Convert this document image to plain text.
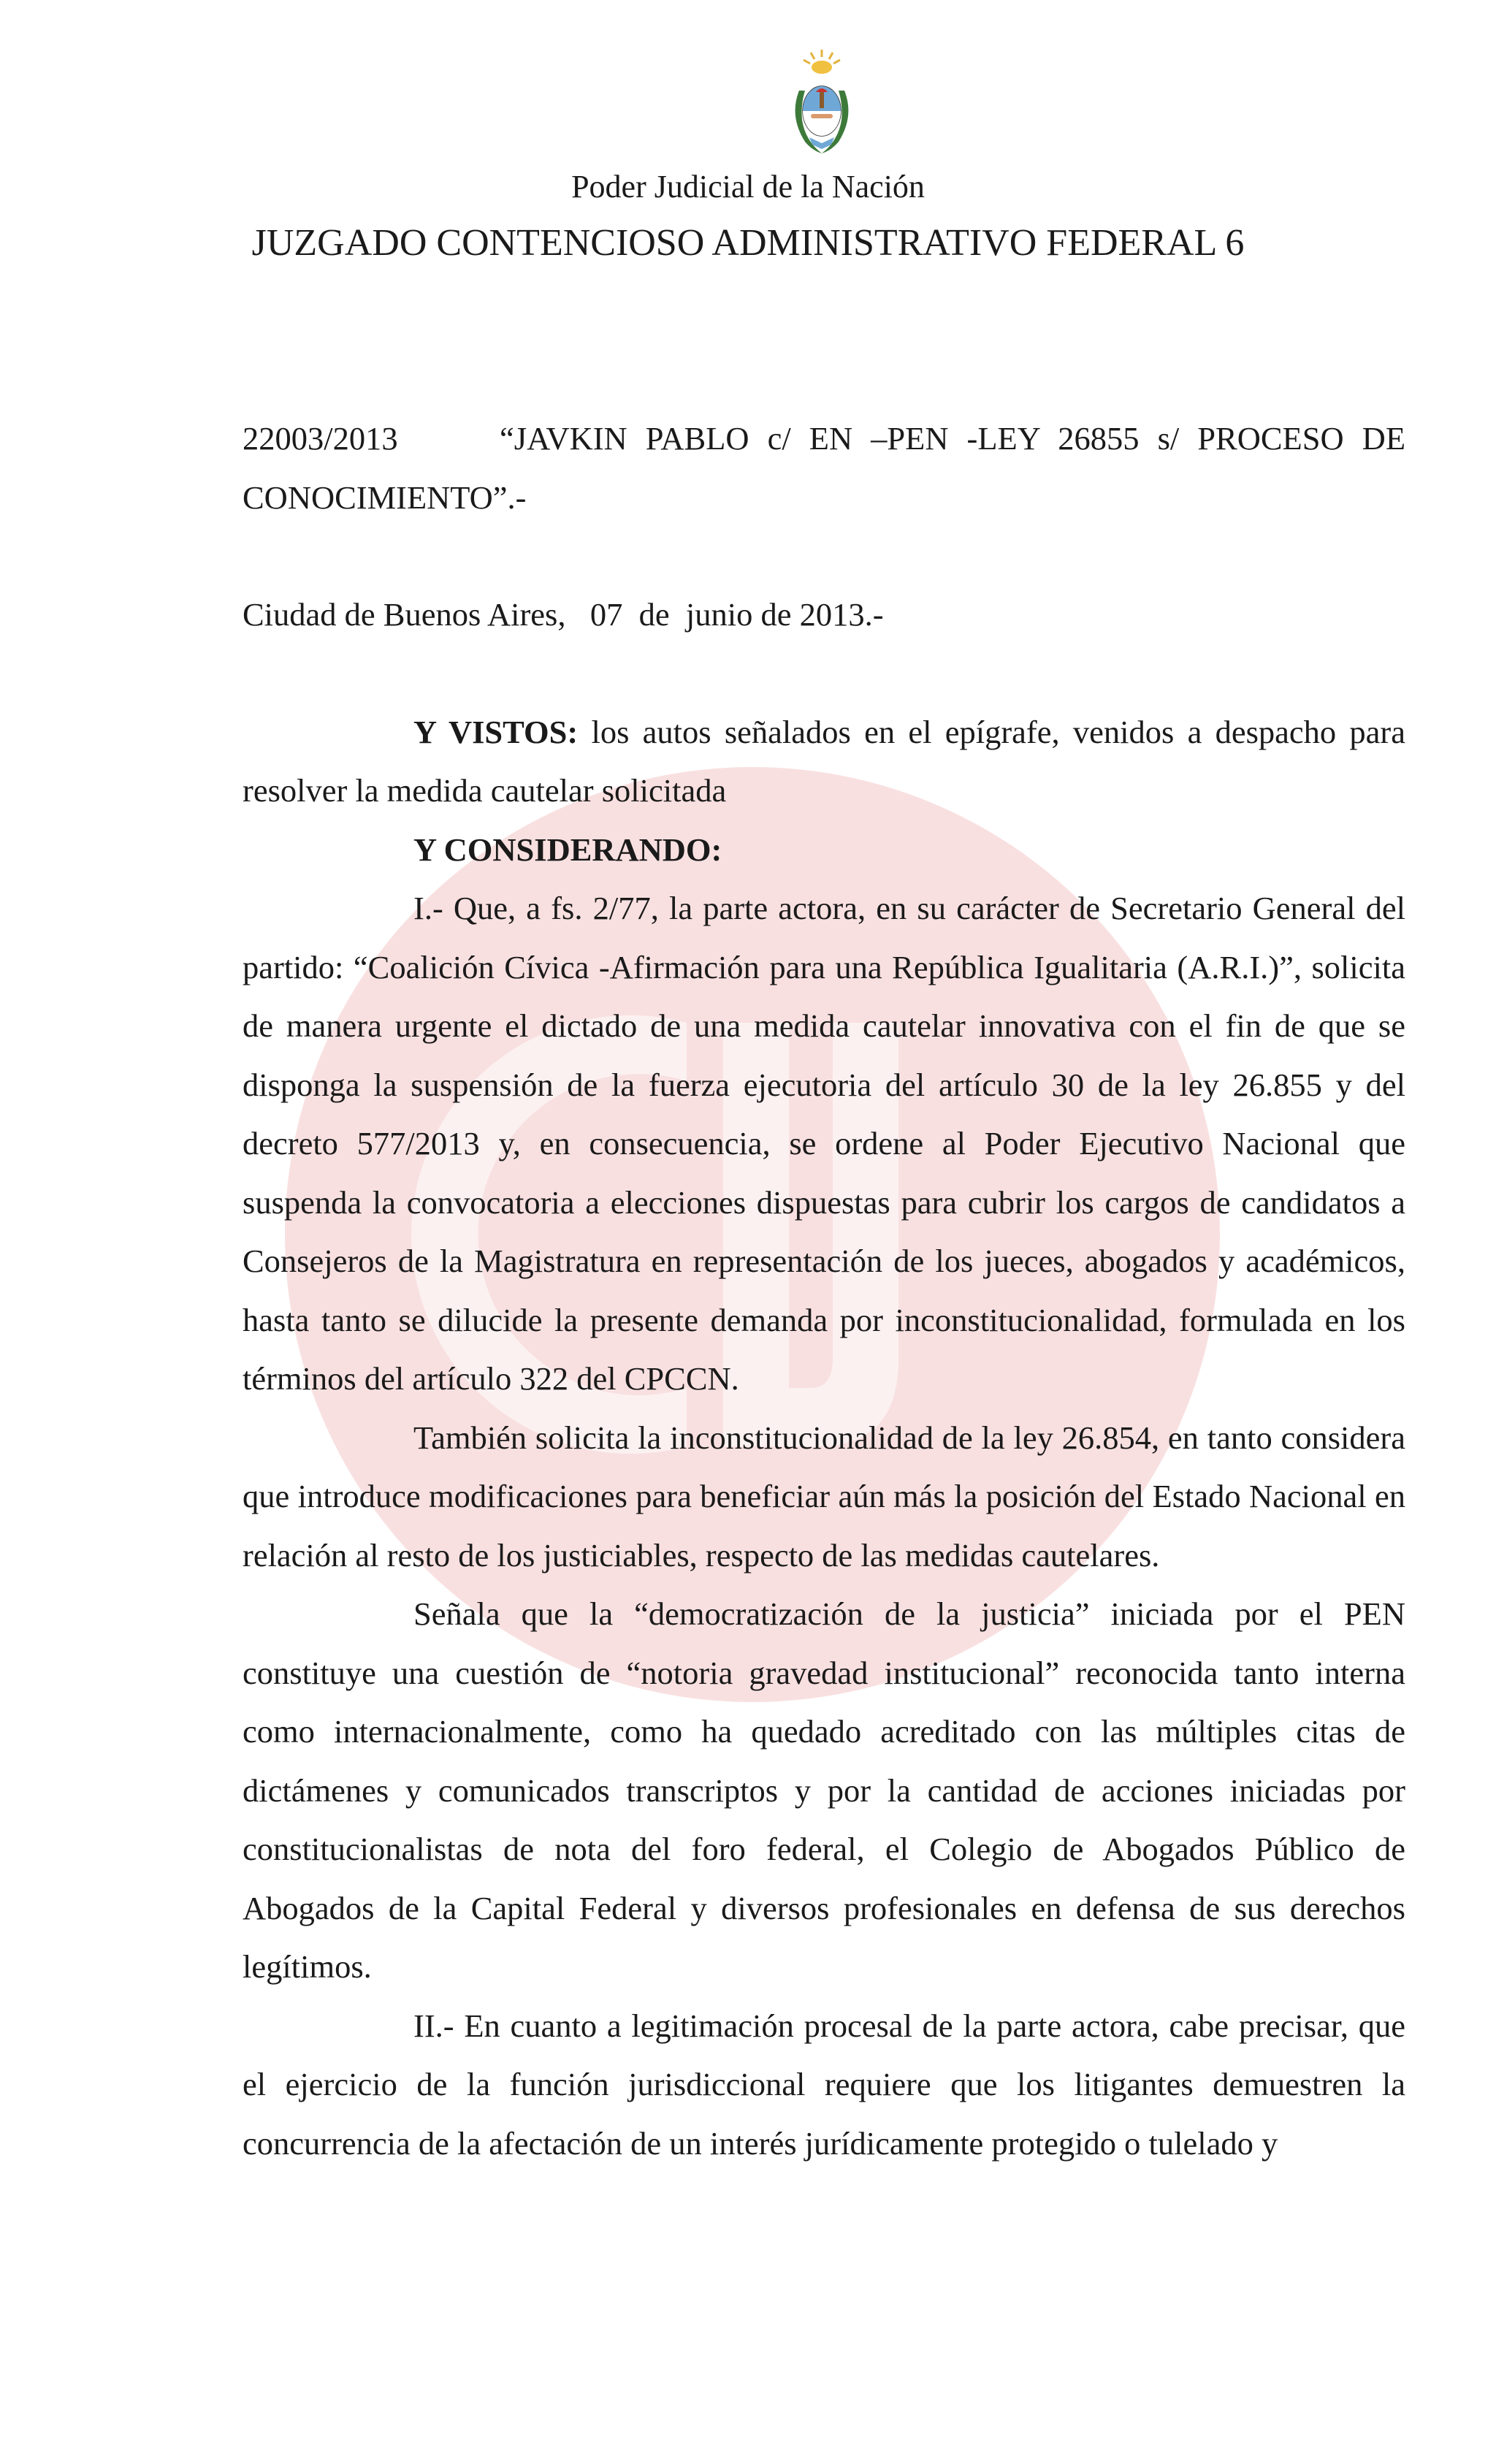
Poder Judicial de la Nación
JUZGADO CONTENCIOSO ADMINISTRATIVO FEDERAL 6
22003/2013	“JAVKIN PABLO c/ EN –PEN -LEY 26855 s/ PROCESO DE

CONOCIMIENTO”.-

Ciudad de Buenos Aires, 07 de junio de 2013.-

Y VISTOS: los autos señalados en el epígrafe, venidos a despacho para resolver la medida cautelar solicitada

Y CONSIDERANDO:

I.- Que, a fs. 2/77, la parte actora, en su carácter de Secretario General del partido: “Coalición Cívica -Afirmación para una República Igualitaria (A.R.I.)”, solicita de manera urgente el dictado de una medida cautelar innovativa con el fin de que se disponga la suspensión de la fuerza ejecutoria del artículo 30 de la ley 26.855 y del decreto 577/2013 y, en consecuencia, se ordene al Poder Ejecutivo Nacional que suspenda la convocatoria a elecciones dispuestas para cubrir los cargos de candidatos a Consejeros de la Magistratura en representación de los jueces, abogados y académicos, hasta tanto se dilucide la presente demanda por inconstitucionalidad, formulada en los términos del artículo 322 del CPCCN.

También solicita la inconstitucionalidad de la ley 26.854, en tanto considera que introduce modificaciones para beneficiar aún más la posición del Estado Nacional en relación al resto de los justiciables, respecto de las medidas cautelares.

Señala que la “democratización de la justicia” iniciada por el PEN constituye una cuestión de “notoria gravedad institucional” reconocida tanto interna como internacionalmente, como ha quedado acreditado con las múltiples citas de dictámenes y comunicados transcriptos y por la cantidad de acciones iniciadas por constitucionalistas de nota del foro federal, el Colegio de Abogados Público de Abogados de la Capital Federal y diversos profesionales en defensa de sus derechos legítimos.

II.- En cuanto a legitimación procesal de la parte actora, cabe precisar, que el ejercicio de la función jurisdiccional requiere que los litigantes demuestren la concurrencia de la afectación de un interés jurídicamente protegido o tulelado y
